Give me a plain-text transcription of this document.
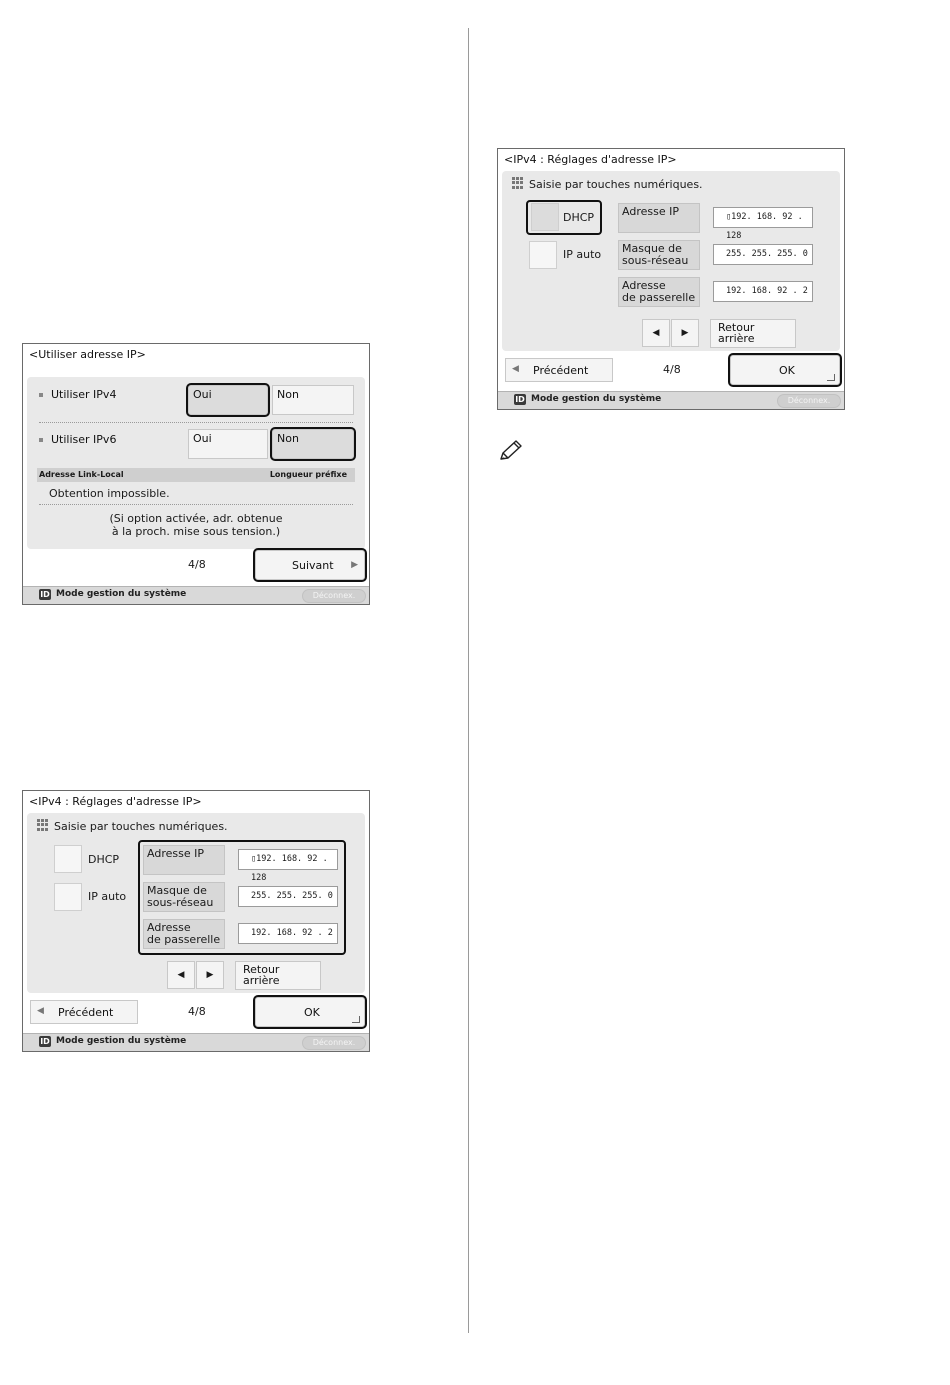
<Utiliser adresse IP>
Utiliser IPv4	Oui	Non
Utiliser IPv6	Oui	Non
Adresse Link-Local	Longueur préfixe
Obtention impossible.
(Si option activée, adr. obtenue
à la proch. mise sous tension.)
4/8	Suivant ▶
ID Mode gestion du système	Déconnex.
<IPv4 : Réglages d'adresse IP>
Saisie par touches numériques.
DHCP
IP auto
Adresse IP	▯192. 168. 92 . 128
Masque de
sous-réseau	255. 255. 255. 0
Adresse
de passerelle	192. 168. 92 . 2
◀	▶	Retour
arrière
◀ Précédent	4/8	OK
ID Mode gestion du système	Déconnex.
<IPv4 : Réglages d'adresse IP>
Saisie par touches numériques.
DHCP
IP auto
Adresse IP	▯192. 168. 92 . 128
Masque de
sous-réseau	255. 255. 255. 0
Adresse
de passerelle	192. 168. 92 . 2
◀	▶	Retour
arrière
◀ Précédent	4/8	OK
ID Mode gestion du système	Déconnex.
